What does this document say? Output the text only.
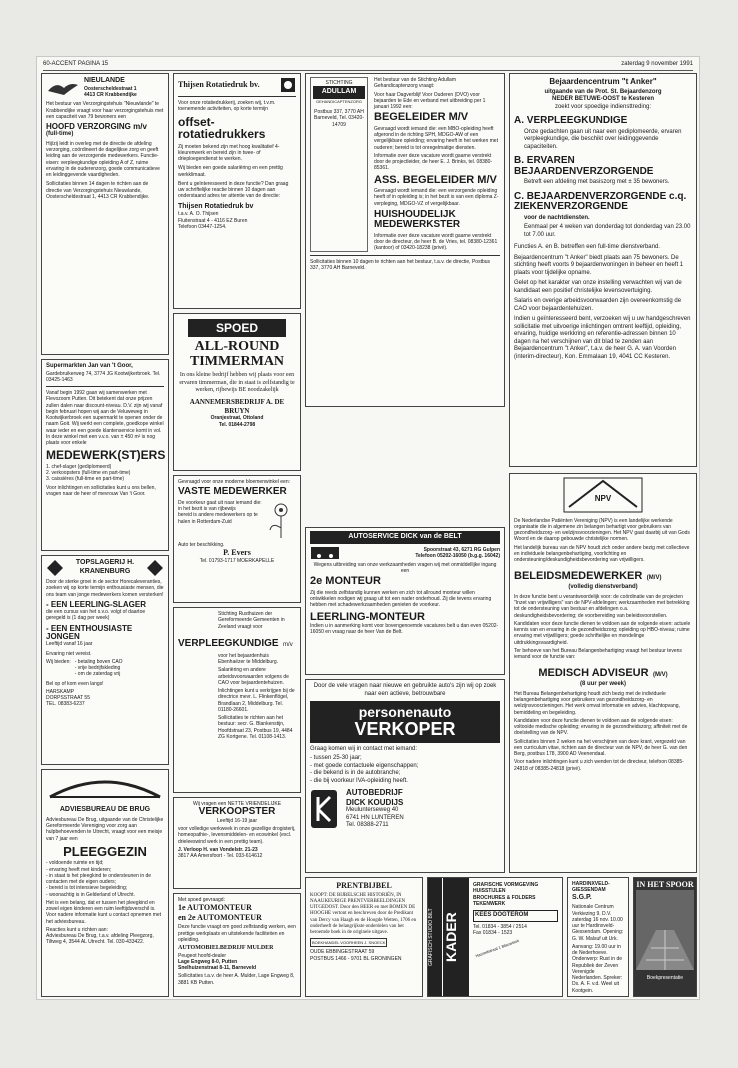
60-ACCENT PAGINA 15	zaterdag 9 november 1991
NIEULANDE
Oosterscheldestraat 1
4413 CR Krabbendijke
Het bestuur van Verzorgingstehuis "Nieuwlande" te Krabbendijke vraagt voor haar verzorgingstehuis met een capaciteit van 79 bewoners een
HOOFD VERZORGING m/v
(full-time)
Hij/zij leidt in overleg met de directie de afdeling verzorging, coördineert de dagelijkse zorg en geeft leiding aan de verzorgende medewerkers. Functie-eisen: verpleegkundige opleiding A of Z, ruime ervaring in de ouderenzorg, goede communicatieve en leidinggevende vaardigheden.
Sollicitaties binnen 14 dagen te richten aan de directie van Verzorgingstehuis Nieuwlande, Oosterscheldestraat 1, 4413 CR Krabbendijke.
Supermarkten Jan van 't Goor,
Gardebruikerweg 74, 3774 JG Kootwijkerbroek. Tel. 03425-1463
Vanaf begin 1992 gaan wij samenwerken met Flevozoom Putten. Dit betekent dat onze prijzen zullen dalen naar discount-niveau. D.V. zijn wij vanaf begin februari hopen wij aan de Veluweweg in Kootwijkerbroek een supermarkt te openen onder de naam Goit. Wij werkt een complete, goedkope winkel waar ieder en een goede klantenservice komt in vol. In deze winkel met een v.v.o. van ± 450 m² is nog plaats voor enkele
MEDEWERK(ST)ERS
1. chef-slager (gediplomeerd)
2. verkoopsters (full-time en part-time)
3. caissières (full-time en part-time)
Voor inlichtingen en sollicitaties kunt u ons bellen, vragen naar de heer of mevrouw Van 't Goor.
TOPSLAGERIJ H. KRANENBURG
Door de sterke groei in de sector Horecaleveranties, zoeken wij op korte termijn enthousiaste mensen, die ons team van jonge medewerkers komen versterken!
- EEN LEERLING-SLAGER
die een cursus van het s.v.o. volgt of daartoe geregeld is (1 dag per week)
- EEN ENTHOUSIASTE JONGEN
Leeftijd vanaf 16 jaar
Ervaring niet vereist.
Wij bieden: - betaling boven CAO
- vrije bedrijfskleding
- om de zaterdag vrij
Bel op of kom even langs!
HARSKAMP
DORPSSTRAAT 55
TEL. 08383-6237
ADVIESBUREAU DE BRUG
Adviesbureau De Brug, uitgaande van de Christelijke Gereformeerde Vereniging voor zorg aan hulpbehoevenden te Utrecht, vraagt voor een meisje van 7 jaar een
PLEEGGEZIN
- voldoende ruimte en tijd;
- ervaring heeft met kinderen;
- in staat is het pleegkind te ondersteunen in de contacten met de eigen ouders;
- bereid is tot intensieve begeleiding;
- woonachtig is in Gelderland of Utrecht.
Het is een belang, dat er tussen het pleegkind en zowel eigen kinderen een ruim leeftijdsverschil is. Voor nadere informatie kunt u contact opnemen met het adviesbureau.
Reacties kunt u richten aan:
Adviesbureau De Brug, t.a.v. afdeling Pleegzorg, Tiltweg 4, 3544 AL Utrecht. Tel. 030-433422.
Thijsen Rotatiedruk bv.
Voor onze rotatiedrukkerij, zoeken wij, t.v.m. toenemende activiteiten, op korte termijn
offset-rotatiedrukkers
Zij moeten bekend zijn met hoog kwalitatief 4-kleurenwerk en bereid zijn in twee- of drieploegendienst te werken.
Wij bieden een goede salariëring en een prettig werkklimaat.
Bent u geïnteresseerd in deze functie? Dan graag uw schriftelijke reactie binnen 10 dagen aan onderstaand adres ter attentie van de directie:
Thijsen Rotatiedruk bv
t.a.v. A. O. Thijsen
Fluitenstraat 4 - 4116 EZ Buren
Telefoon 03447-1254.
SPOED
ALL-ROUND TIMMERMAN
In ons kleine bedrijf hebben wij plaats voor een ervaren timmerman, die in staat is zelfstandig te werken, rijbewijs BE noodzakelijk
AANNEMERSBEDRIJF A. DE BRUYN
Oranjestraat, Ottoland
Tel. 01844-2798
Gevraagd voor onze moderne bloemenwinkel een:
VASTE MEDEWERKER
De voorkeur gaat uit naar iemand die:
in het bezit is van rijbewijs
bereid is andere medewerkers op te halen in Rotterdam-Zuid
Auto ter beschikking.
P. Evers
Tel. 01793-1717 MOERKAPELLE
Stichting Rusthuizen der Gereformeerde Gemeenten in Zeeland vraagt voor
VERPLEEGKUNDIGE m/v
voor het bejaardenhuis Ebenhaëzer te Middelburg.
Salariëring en andere arbeidsvoorwaarden volgens de CAO voor bejaardentehuizen.
Inlichtingen kunt u verkrijgen bij de directrice mevr. L. Flinkenflögel, Brandlaan 2, Middelburg. Tel. 01180-26601.
Sollicitaties te richten aan het bestuur: secr. G. Blankenstijn, Hoofdstraat 23, Postbus 19, 4484 ZG Kortgene. Tel. 01108-1413.
Wij vragen een NETTE VRIENDELIJKE
VERKOOPSTER
Leeftijd 16-19 jaar
voor volledige werkweek in onze gezellige drogisterij, homeopathie-, levensmiddelen- en ecowinkel (excl. drieleeswind werk in een prettig team).
J. Verloop H. van Vondelstr. 21-23
3817 AA Amersfoort - Tel. 033-614612
Met spoed gevraagd:
1e AUTOMONTEUR
en 2e AUTOMONTEUR
Deze functie vraagt om goed zelfstandig werken, een prettige werkplaats en uitstekende faciliteiten en opleiding.
AUTOMOBIELBEDRIJF MULDER
Peugeot hoofd-dealer
Lage Engweg 8-0, Putten
Snelhuizenstraat 8-11, Barneveld
Sollicitaties t.a.v. de heer A. Mulder, Lage Engweg 8, 3881 KB Putten.
STICHTING
ADULLAM
GEHANDICAPTENZORG
Postbus 337, 3770 AH Barneveld, Tel. 03420-14709
Het bestuur van de Stichting Adullam Gehandicaptenzorg vraagt:
Voor haar Dagverblijf Voor Ouderen (DVO) voor bejaarden te Ede en verband met uitbreiding per 1 januari 1992 een:
BEGELEIDER M/V
Gevraagd wordt iemand die: een MBO-opleiding heeft afgerond in de richting SPH, MDGO-AW of een vergelijkbare opleiding; ervaring heeft in het werken met ouderen; bereid is tot onregelmatige diensten.
Informatie over deze vacature wordt gaarne verstrekt door de projectleider, de heer E. J. Brinks, tel. 08380-85361.
ASS. BEGELEIDER M/V
Gevraagd wordt iemand die: een verzorgende opleiding heeft of in opleiding is; in het bezit is van een diploma Z-verpleging, MDGO-VZ of vergelijkbaar.
HUISHOUDELIJK MEDEWERKSTER
Informatie over deze vacature wordt gaarne verstrekt door de directeur, de heer B. de Vries, tel. 08380-12361 (kantoor) of 03420-18238 (privé).
Sollicitaties binnen 10 dagen te richten aan het bestuur, t.a.v. de directie, Postbus 337, 3770 AH Barneveld.
AUTOSERVICE DICK van de BELT
Spoorstraat 43, 6271 RG Gulpen
Telefoon 05202-16050 (b.g.g. 16042)
Wegens uitbreiding van onze werkzaamheden vragen wij met onmiddellijke ingang een
2e MONTEUR
Zij die reeds zelfstandig kunnen werken en zich tot allround monteur willen ontwikkelen nodigen wij graag uit tot een nader onderhoud. Zij die tevens ervaring hebben met schadewerkzaamheden genieten de voorkeur.
LEERLING-MONTEUR
Indien u in aanmerking komt voor bovengenoemde vacatures belt u dan even 05202-16050 en vraag naar de heer Van de Belt.
Door de vele vragen naar nieuwe en gebruikte auto's zijn wij op zoek naar een actieve, betrouwbare
personenauto
VERKOPER
Graag komen wij in contact met iemand:
- tussen 25-30 jaar;
- met goede contactuele eigenschappen;
- die bekend is in de autobranche;
- die bij voorkeur IVA-opleiding heeft.
AUTOBEDRIJF
DICK KOUDIJS
Meulunterseweg 40
6741 HN LUNTEREN
Tel. 08388-2711
PRENTBIJBEL
KOOPT: DE BIJBELSCHE HISTORIËN, IN NAAUKEURIGE PRENTVERBEELDINGEN UITGEDOST. Door den HEER en met BOMEN DE HOOGHE vertont en beschreven door de Predikant van Dercy van Haagh en de Hoogde Wetten, 1706 en onderheeft de belangrijkste onderdelen van het beroemde boek in de originele uitgave.
BOEKHANDEL VOORHEEN J. SNOECK
OUDE EBBINGESTRAAT 59
POSTBUS 1466 - 9701 BL GRONINGEN	GRAFISCH STUDIO BILT KADER
GRAFISCHE VORMGEVING
HUISSTIJLEN
BROCHURES & FOLDERS
TEKENWERK
KEES DOGTEROM
Tel. 01834 - 3854 / 2514
Fax 01834 - 1523
Hasseltstraat 1 Blauwstok
Bejaardencentrum "t Anker"
uitgaande van de Prot. St. Bejaardenzorg
NEDER BETUWE-OOST te Kesteren
zoekt voor spoedige indiensttreding:
A. VERPLEEGKUNDIGE
Onze gedachten gaan uit naar een gediplomeerde, ervaren verpleegkundige, die beschikt over leidinggevende capaciteiten.
B. ERVAREN BEJAARDENVERZORGENDE
Betreft een afdeling met basiszorg met ± 35 bewoners.
C. BEJAARDENVERZORGENDE c.q. ZIEKENVERZORGENDE
voor de nachtdiensten.
Eenmaal per 4 weken van donderdag tot donderdag van 23.00 tot 7.00 uur.
Functies A. en B. betreffen een full-time dienstverband.
Bejaardencentrum "t Anker" biedt plaats aan 75 bewoners. De stichting heeft voorts 9 bejaardenwoningen in beheer en heeft 1 plaats voor tijdelijke opname.
Gelet op het karakter van onze instelling verwachten wij van de kandidaat een positief christelijke levensovertuiging.
Salaris en overige arbeidsvoorwaarden zijn overeenkomstig de CAO voor bejaardentehuizen.
Indien u geïnteresseerd bent, verzoeken wij u uw handgeschreven sollicitatie met uitvoerige inlichtingen omtrent leeftijd, opleiding, ervaring, huidige werkkring en referentie-adressen binnen 10 dagen na het verschijnen van dit blad te zenden aan Bejaardencentrum "t Anker", t.a.v. de heer G. A. van Voorden (interim-directeur), Kon. Emmalaan 19, 4041 CC Kesteren.
NPV
De Nederlandse Patiënten Vereniging (NPV) is een landelijke werkende organisatie die in algemene zin belangen behartigt voor gebruikers van gezondheidszorg- en welzijnsvoorzieningen. Het NPV gaat daarbij uit van Gods Woord en de daarop gebouwde christelijke normen.
Het landelijk bureau van de NPV houdt zich onder andere bezig met collectieve en individuele belangenbehartiging, voorlichting en ondersteuning/deskundigheidsbevordering van vrijwilligers.
BELEIDSMEDEWERKER (M/V)
(volledig dienstverband)
In deze functie bent u verantwoordelijk voor: de coördinatie van de projecten "Inzet van vrijwilligers" van de NPV-afdelingen; werkzaamheden met betrekking tot de ondersteuning van bestuur en afdelingen o.a. deskundigheidsbevordering; de voorbereiding van beleidsvoorstellen.
Kandidaten voor deze functie dienen te voldoen aan de volgende eisen: actuele kennis van en ervaring in de gezondheidszorg; opleiding op HBO-niveau; ruime ervaring met vrijwilligers; goede schriftelijke en mondelinge uitdrukkingsvaardigheid.
Ter behoeve van het Bureau Belangenbehartiging vraagt het bestuur tevens iemand voor de functie van:
MEDISCH ADVISEUR (M/V)
(8 uur per week)
Het Bureau Belangenbehartiging houdt zich bezig met de individuele belangenbehartiging voor gebruikers van gezondheidszorg- en welzijnsvoorzieningen. Het werk omvat informatie en advies, klachtopvang, bemiddeling en begeleiding.
Kandidaten voor deze functie dienen te voldoen aan de volgende eisen: voltooide medische opleiding; ervaring in de gezondheidszorg; affiniteit met de doelstelling van de NPV.
Sollicitaties binnen 2 weken na het verschijnen van deze krant, vergezeld van een curriculum vitae, richten aan de directeur van de NPV, de heer G. van den Berg, postbus 178, 3900 AD Veenendaal.
Voor nadere inlichtingen kunt u zich wenden tot de directeur, telefoon 08385-24818 of 08385-24818 (privé).
HARDINXVELD-GIESSENDAM
S.G.P.
Nationale Centrum Verkiezing 9. D.V. zaterdag 16 nov. 10.00 uur te Hardinxveld-Giessendam. Opening: G. W. Malsuf uit Urk.
Aanvang: 19.00 uur in de Nederhoeve. Onderwerp: Rust in de Republiek der Zeven Verenigde Nederlanden. Spreker: Ds. A. F. v.d. Weel uit Kootgein.
IN HET SPOOR
Boekpresentatie
